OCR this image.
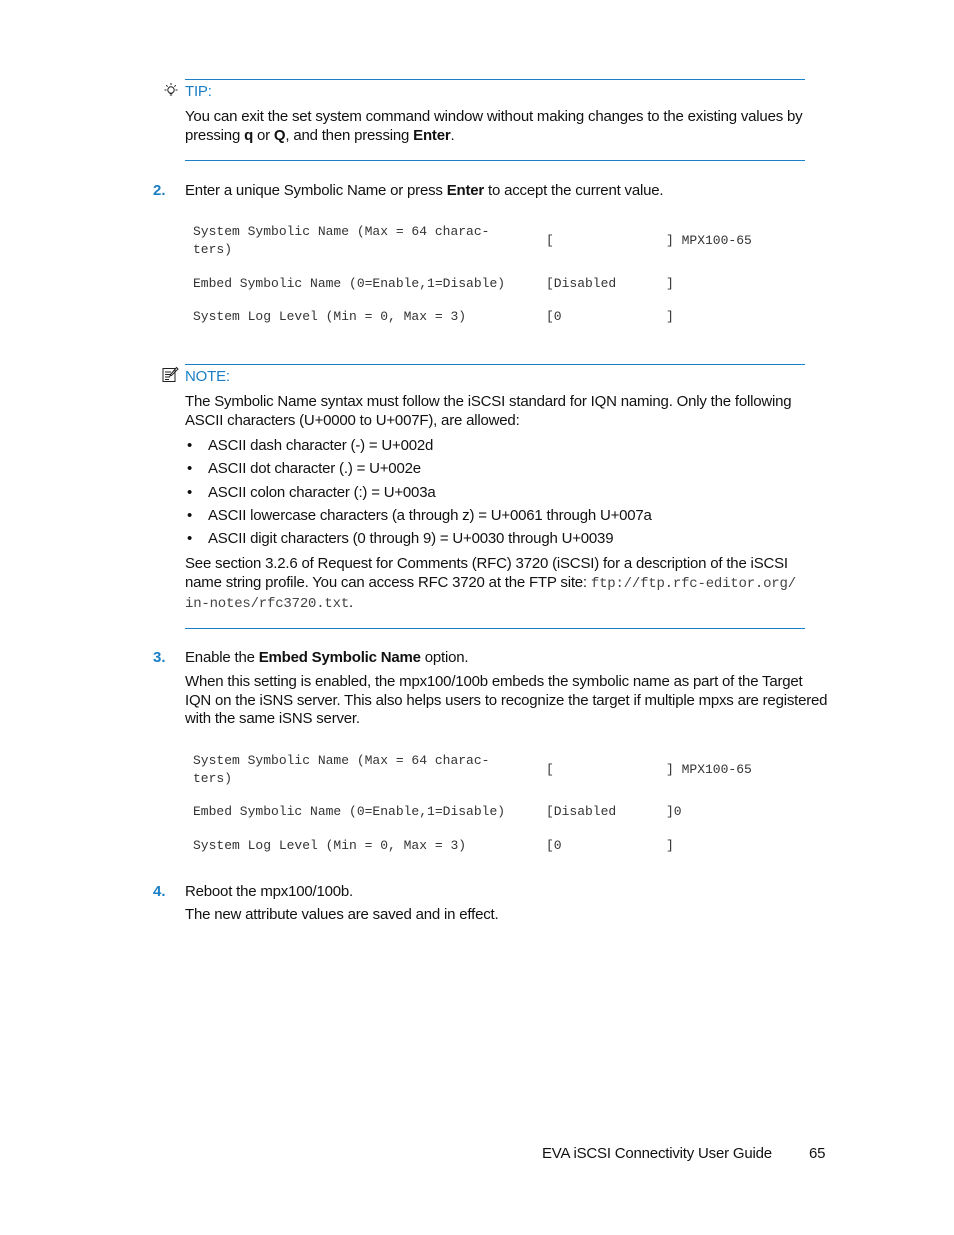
TIP:
You can exit the set system command window without making changes to the existing values by
pressing q or Q, and then pressing Enter.
2. Enter a unique Symbolic Name or press Enter to accept the current value.
System Symbolic Name (Max = 64 charac-
ters)
[	] MPX100-65
Embed Symbolic Name (0=Enable,1=Disable)	[Disabled	]
System Log Level (Min = 0, Max = 3)	[0	]
NOTE:
The Symbolic Name syntax must follow the iSCSI standard for IQN naming. Only the following
ASCII characters (U+0000 to U+007F), are allowed:
• ASCII dash character (-) = U+002d
• ASCII dot character (.) = U+002e
• ASCII colon character (:) = U+003a
• ASCII lowercase characters (a through z) = U+0061 through U+007a
• ASCII digit characters (0 through 9) = U+0030 through U+0039
See section 3.2.6 of Request for Comments (RFC) 3720 (iSCSI) for a description of the iSCSI
name string profile. You can access RFC 3720 at the FTP site: ftp://ftp.rfc-editor.org/
in-notes/rfc3720.txt.
3. Enable the Embed Symbolic Name option.
When this setting is enabled, the mpx100/100b embeds the symbolic name as part of the Target
IQN on the iSNS server. This also helps users to recognize the target if multiple mpxs are registered
with the same iSNS server.
System Symbolic Name (Max = 64 charac-
ters)
[	] MPX100-65
Embed Symbolic Name (0=Enable,1=Disable)	[Disabled	]0
System Log Level (Min = 0, Max = 3)	[0	]
4. Reboot the mpx100/100b.
The new attribute values are saved and in effect.
EVA iSCSI Connectivity User Guide 65
